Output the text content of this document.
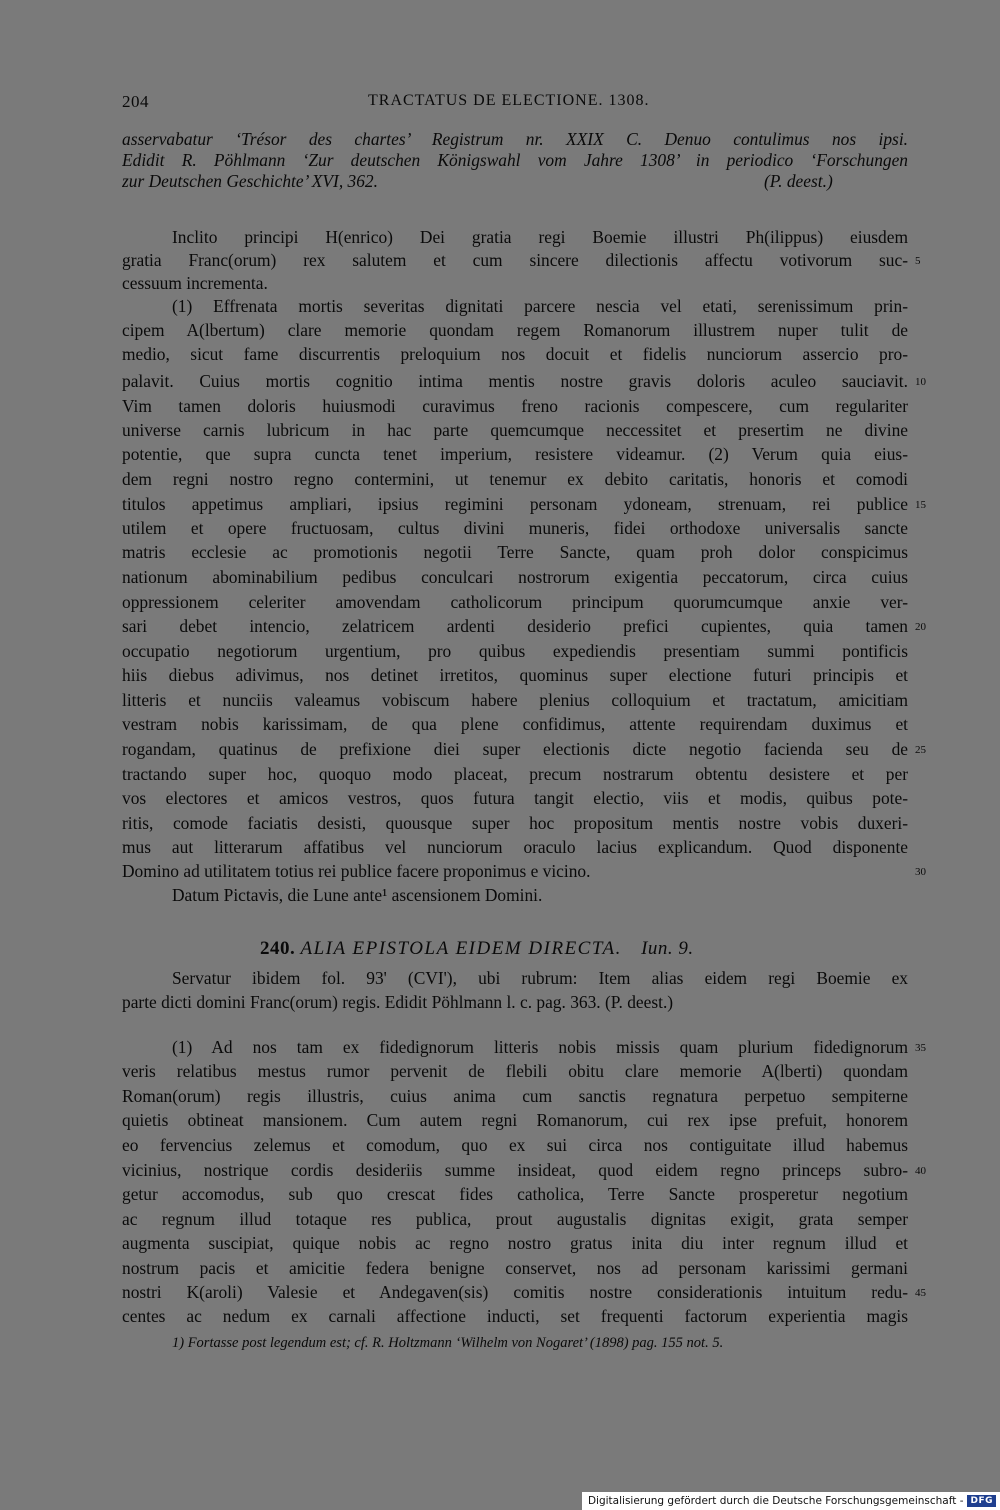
204	TRACTATUS DE ELECTIONE. 1308.
asservabatur ‘Trésor des chartes’ Registrum nr. XXIX C. Denuo contulimus nos ipsi.
Edidit R. Pöhlmann ‘Zur deutschen Königswahl vom Jahre 1308’ in periodico ‘Forschungen
zur Deutschen Geschichte’ XVI, 362.	(P. deest.)
Inclito principi H(enrico) Dei gratia regi Boemie illustri Ph(ilippus) eiusdem
gratia Franc(orum) rex salutem et cum sincere dilectionis affectu votivorum suc-
cessuum incrementa.
(1) Effrenata mortis severitas dignitati parcere nescia vel etati, serenissimum prin-
cipem A(lbertum) clare memorie quondam regem Romanorum illustrem nuper tulit de
medio, sicut fame discurrentis preloquium nos docuit et fidelis nunciorum assercio pro-
palavit. Cuius mortis cognitio intima mentis nostre gravis doloris aculeo sauciavit.
Vim tamen doloris huiusmodi curavimus freno racionis compescere, cum regulariter
universe carnis lubricum in hac parte quemcumque neccessitet et presertim ne divine
potentie, que supra cuncta tenet imperium, resistere videamur. (2) Verum quia eius-
dem regni nostro regno contermini, ut tenemur ex debito caritatis, honoris et comodi
titulos appetimus ampliari, ipsius regimini personam ydoneam, strenuam, rei publice
utilem et opere fructuosam, cultus divini muneris, fidei orthodoxe universalis sancte
matris ecclesie ac promotionis negotii Terre Sancte, quam proh dolor conspicimus
nationum abominabilium pedibus conculcari nostrorum exigentia peccatorum, circa cuius
oppressionem celeriter amovendam catholicorum principum quorumcumque anxie ver-
sari debet intencio, zelatricem ardenti desiderio prefici cupientes, quia tamen
occupatio negotiorum urgentium, pro quibus expediendis presentiam summi pontificis
hiis diebus adivimus, nos detinet irretitos, quominus super electione futuri principis et
litteris et nunciis valeamus vobiscum habere plenius colloquium et tractatum, amicitiam
vestram nobis karissimam, de qua plene confidimus, attente requirendam duximus et
rogandam, quatinus de prefixione diei super electionis dicte negotio facienda seu de
tractando super hoc, quoquo modo placeat, precum nostrarum obtentu desistere et per
vos electores et amicos vestros, quos futura tangit electio, viis et modis, quibus pote-
ritis, comode faciatis desisti, quousque super hoc propositum mentis nostre vobis duxeri-
mus aut litterarum affatibus vel nunciorum oraculo lacius explicandum. Quod disponente
Domino ad utilitatem totius rei publice facere proponimus e vicino.
Datum Pictavis, die Lune ante¹ ascensionem Domini.
240. ALIA EPISTOLA EIDEM DIRECTA. Iun. 9.
Servatur ibidem fol. 93' (CVI'), ubi rubrum: Item alias eidem regi Boemie ex
parte dicti domini Franc(orum) regis. Edidit Pöhlmann l. c. pag. 363. (P. deest.)
(1) Ad nos tam ex fidedignorum litteris nobis missis quam plurium fidedignorum
veris relatibus mestus rumor pervenit de flebili obitu clare memorie A(lberti) quondam
Roman(orum) regis illustris, cuius anima cum sanctis regnatura perpetuo sempiterne
quietis obtineat mansionem. Cum autem regni Romanorum, cui rex ipse prefuit, honorem
eo fervencius zelemus et comodum, quo ex sui circa nos contiguitate illud habemus
vicinius, nostrique cordis desideriis summe insideat, quod eidem regno princeps subro-
getur accomodus, sub quo crescat fides catholica, Terre Sancte prosperetur negotium
ac regnum illud totaque res publica, prout augustalis dignitas exigit, grata semper
augmenta suscipiat, quique nobis ac regno nostro gratus inita diu inter regnum illud et
nostrum pacis et amicitie federa benigne conservet, nos ad personam karissimi germani
nostri K(aroli) Valesie et Andegaven(sis) comitis nostre considerationis intuitum redu-
centes ac nedum ex carnali affectione inducti, set frequenti factorum experientia magis
5
10
15
20
25
30
35
40
45
1) Fortasse post legendum est; cf. R. Holtzmann ‘Wilhelm von Nogaret’ (1898) pag. 155 not. 5.
Digitalisierung gefördert durch die Deutsche Forschungsgemeinschaft - DFG
